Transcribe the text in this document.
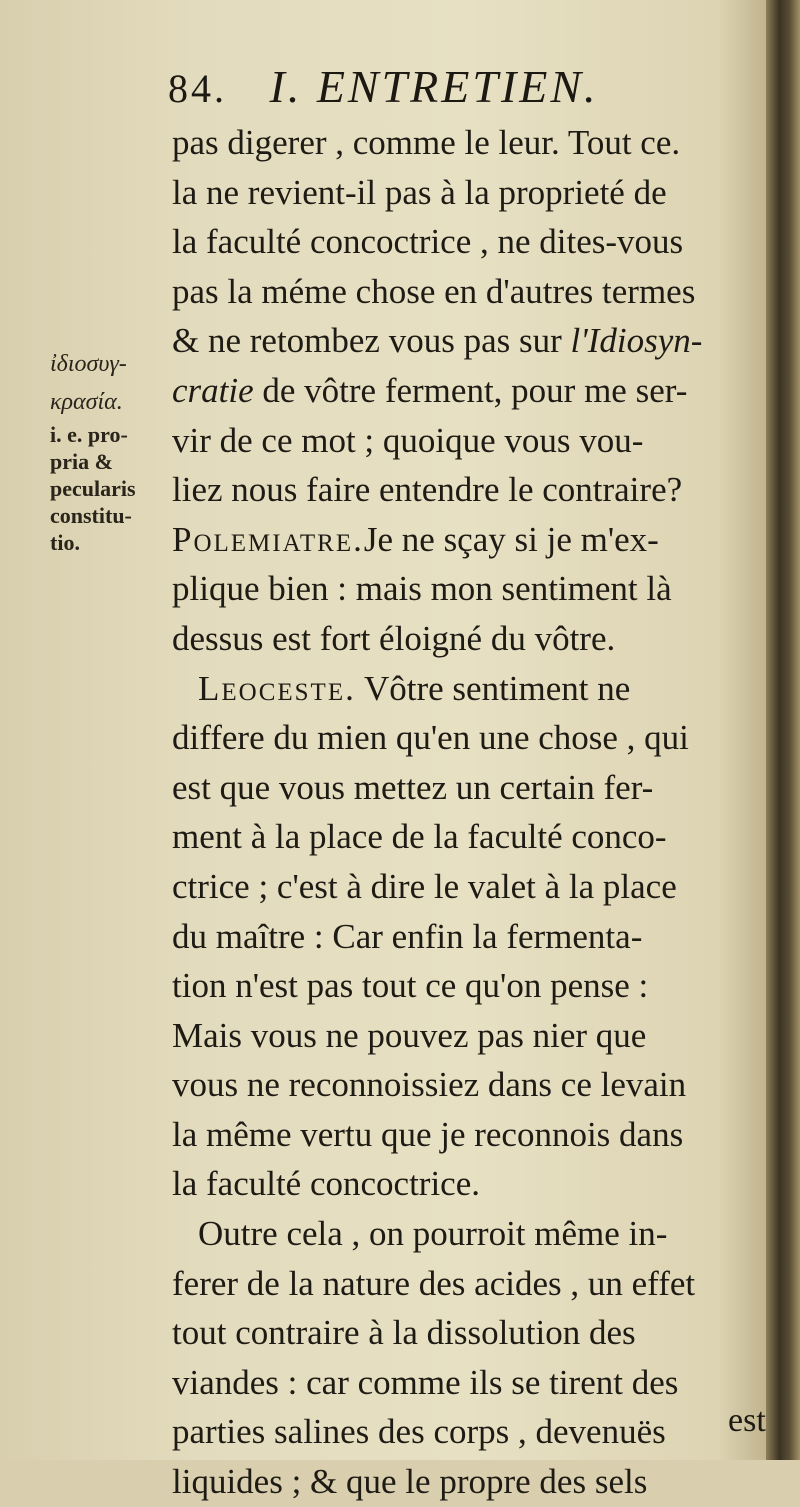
84. I. ENTRETIEN.
ἰδιοσυγ-
κρασία.
i. e. pro-
pria &
pecularis
constitu-
tio.
pas digerer , comme le leur. Tout ce.
la ne revient-il pas à la proprieté de
la faculté concoctrice , ne dites-vous
pas la méme chose en d'autres termes
& ne retombez vous pas sur l'Idiosyn-
cratie de vôtre ferment, pour me ser-
vir de ce mot ; quoique vous vou-
liez nous faire entendre le contraire?
Polemiatre.Je ne sçay si je m'ex-
plique bien : mais mon sentiment là
dessus est fort éloigné du vôtre.
Leoceste. Vôtre sentiment ne
differe du mien qu'en une chose , qui
est que vous mettez un certain fer-
ment à la place de la faculté conco-
ctrice ; c'est à dire le valet à la place
du maître : Car enfin la fermenta-
tion n'est pas tout ce qu'on pense :
Mais vous ne pouvez pas nier que
vous ne reconnoissiez dans ce levain
la même vertu que je reconnois dans
la faculté concoctrice.
Outre cela , on pourroit même in-
ferer de la nature des acides , un effet
tout contraire à la dissolution des
viandes : car comme ils se tirent des
parties salines des corps , devenuës
liquides ; & que le propre des sels
est
